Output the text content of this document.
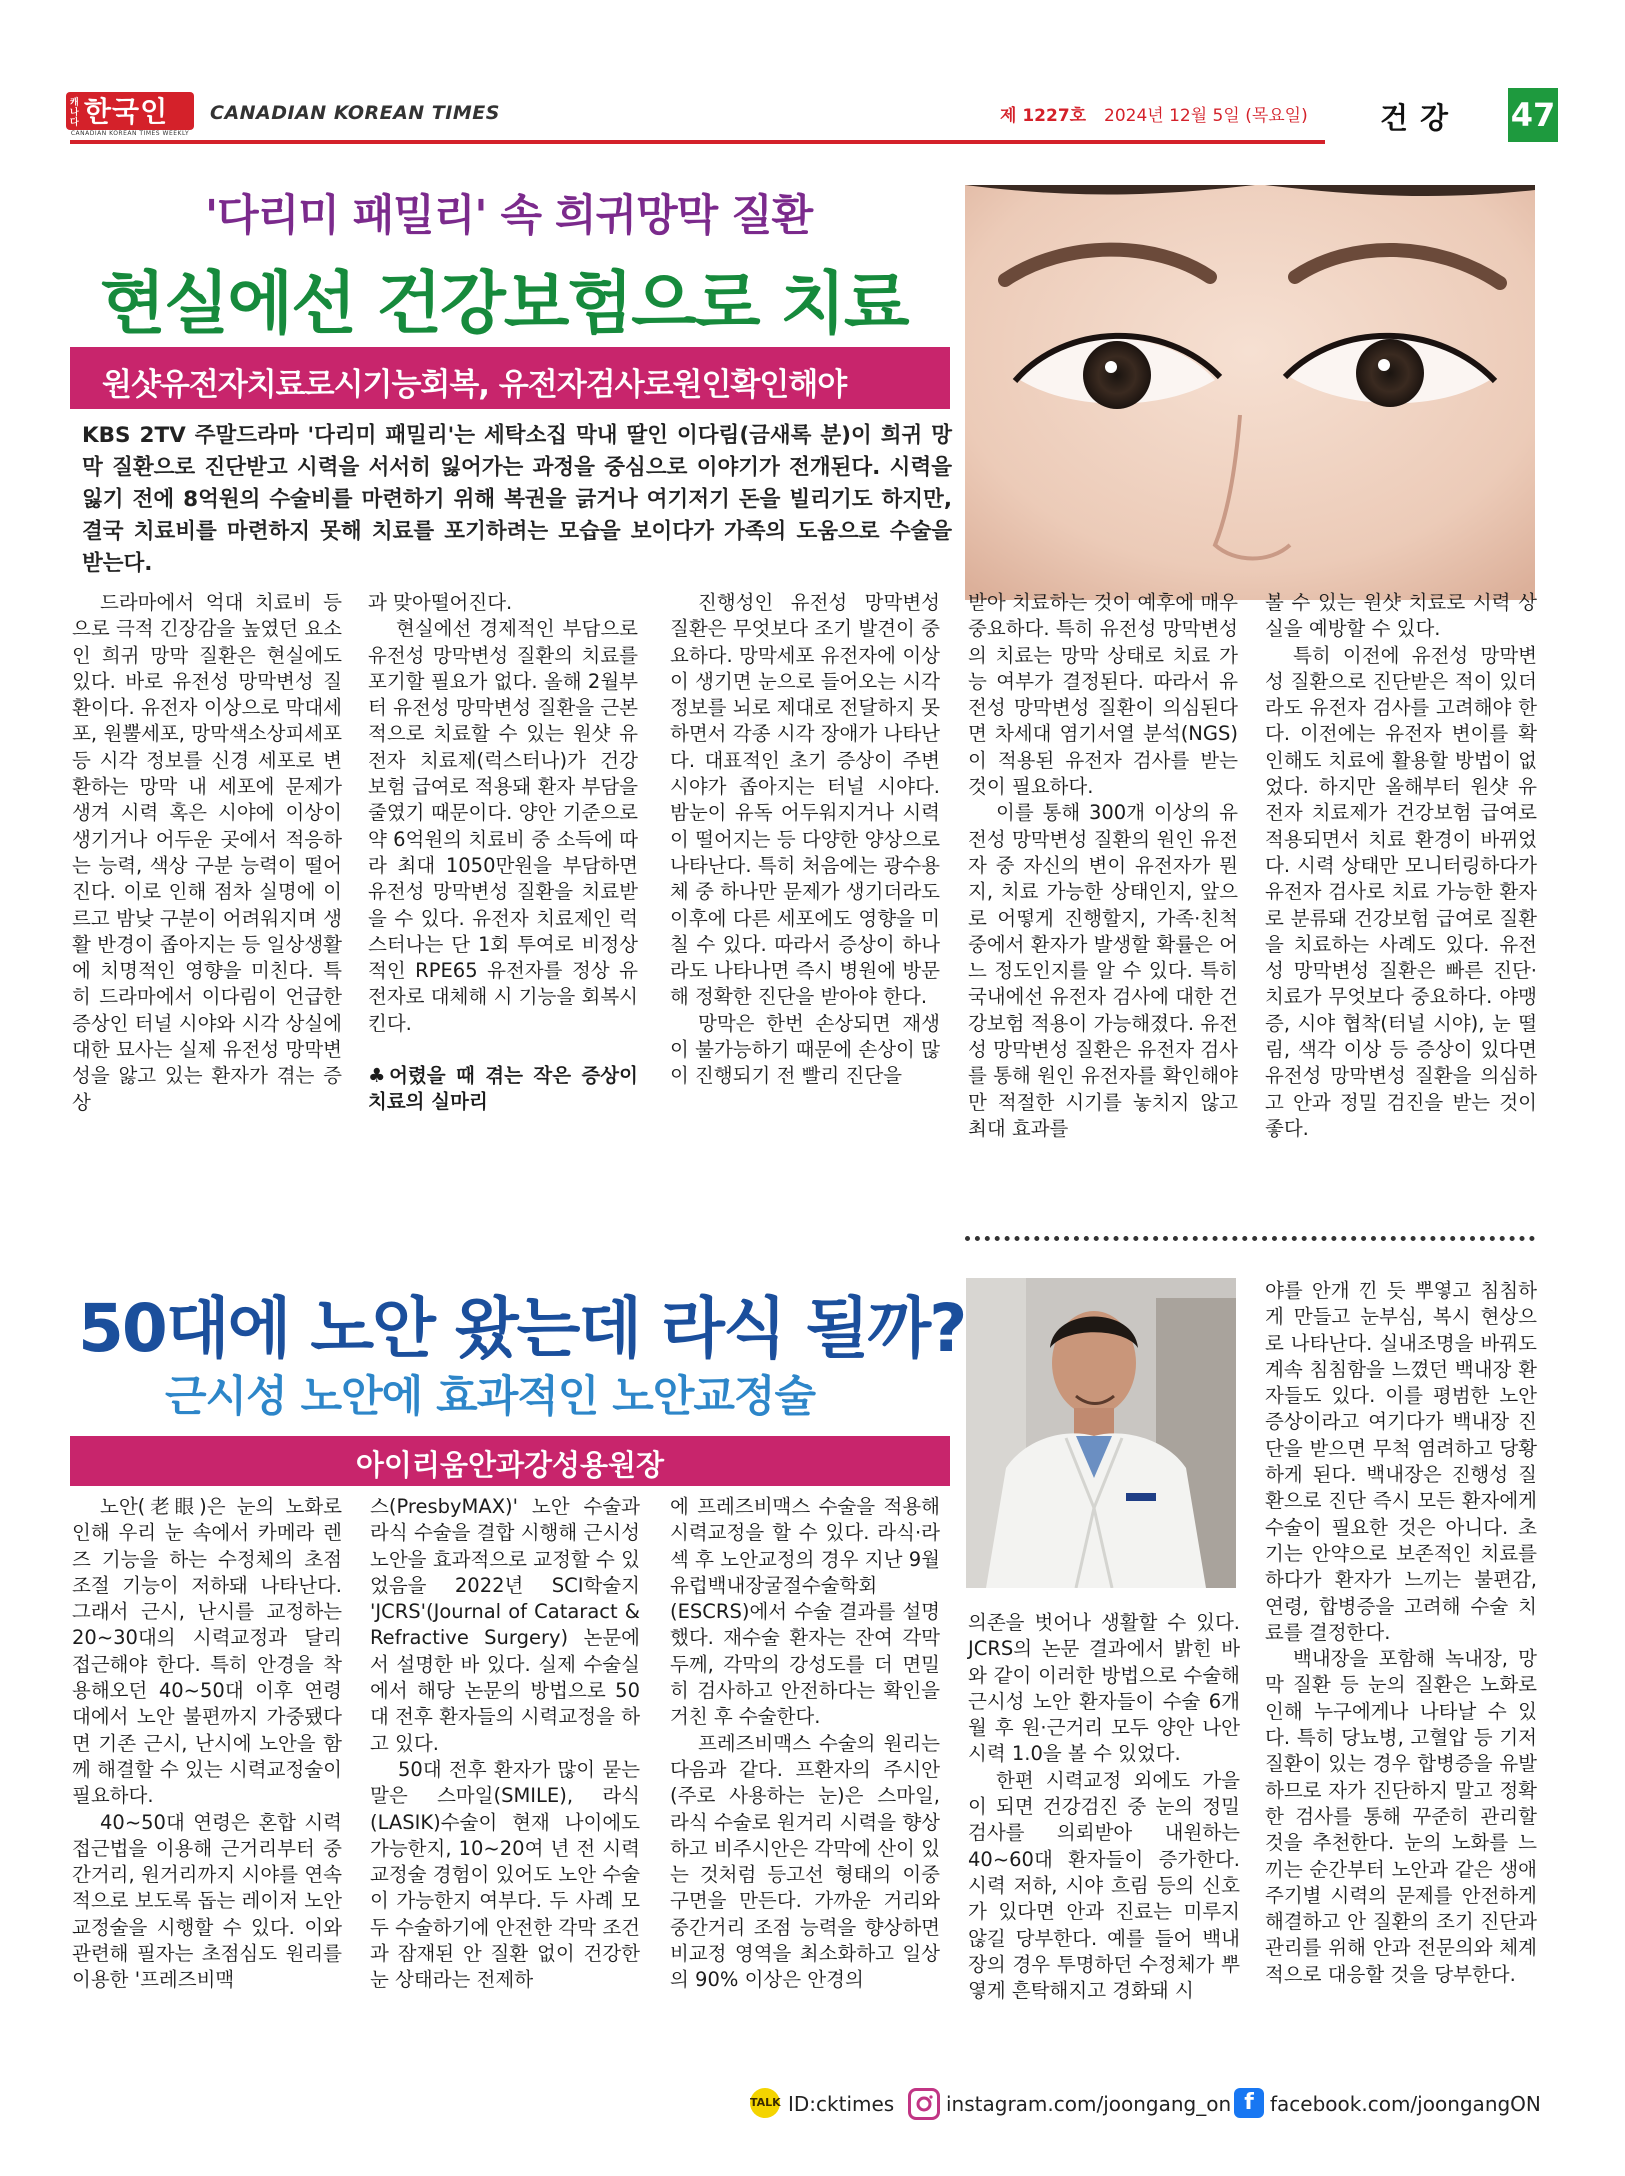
캐나다 한국인
CANADIAN KOREAN TIMES WEEKLY
CANADIAN KOREAN TIMES	제 1227호 2024년 12월 5일 (목요일) 건강 47
'다리미 패밀리' 속 희귀망막 질환
현실에선 건강보험으로 치료
원샷유전자치료로시기능회복, 유전자검사로원인확인해야
KBS 2TV 주말드라마 '다리미 패밀리'는 세탁소집 막내 딸인 이다림(금새록 분)이 희귀 망막 질환으로 진단받고 시력을 서서히 잃어가는 과정을 중심으로 이야기가 전개된다. 시력을 잃기 전에 8억원의 수술비를 마련하기 위해 복권을 긁거나 여기저기 돈을 빌리기도 하지만, 결국 치료비를 마련하지 못해 치료를 포기하려는 모습을 보이다가 가족의 도움으로 수술을 받는다.

드라마에서 억대 치료비 등으로 극적 긴장감을 높였던 요소인 희귀 망막 질환은 현실에도 있다. 바로 유전성 망막변성 질환이다. 유전자 이상으로 막대세포, 원뿔세포, 망막색소상피세포 등 시각 정보를 신경 세포로 변환하는 망막 내 세포에 문제가 생겨 시력 혹은 시야에 이상이 생기거나 어두운 곳에서 적응하는 능력, 색상 구분 능력이 떨어진다. 이로 인해 점차 실명에 이르고 밤낮 구분이 어려워지며 생활 반경이 좁아지는 등 일상생활에 치명적인 영향을 미친다. 특히 드라마에서 이다림이 언급한 증상인 터널 시야와 시각 상실에 대한 묘사는 실제 유전성 망막변성을 앓고 있는 환자가 겪는 증상

과 맞아떨어진다.

현실에선 경제적인 부담으로 유전성 망막변성 질환의 치료를 포기할 필요가 없다. 올해 2월부터 유전성 망막변성 질환을 근본적으로 치료할 수 있는 원샷 유전자 치료제(럭스터나)가 건강보험 급여로 적용돼 환자 부담을 줄였기 때문이다. 양안 기준으로 약 6억원의 치료비 중 소득에 따라 최대 1050만원을 부담하면 유전성 망막변성 질환을 치료받을 수 있다. 유전자 치료제인 럭스터나는 단 1회 투여로 비정상적인 RPE65 유전자를 정상 유전자로 대체해 시 기능을 회복시킨다.

♣어렸을 때 겪는 작은 증상이 치료의 실마리

진행성인 유전성 망막변성 질환은 무엇보다 조기 발견이 중요하다. 망막세포 유전자에 이상이 생기면 눈으로 들어오는 시각 정보를 뇌로 제대로 전달하지 못하면서 각종 시각 장애가 나타난다. 대표적인 초기 증상이 주변 시야가 좁아지는 터널 시야다. 밤눈이 유독 어두워지거나 시력이 떨어지는 등 다양한 양상으로 나타난다. 특히 처음에는 광수용체 중 하나만 문제가 생기더라도 이후에 다른 세포에도 영향을 미칠 수 있다. 따라서 증상이 하나라도 나타나면 즉시 병원에 방문해 정확한 진단을 받아야 한다.

망막은 한번 손상되면 재생이 불가능하기 때문에 손상이 많이 진행되기 전 빨리 진단을

받아 치료하는 것이 예후에 매우 중요하다. 특히 유전성 망막변성의 치료는 망막 상태로 치료 가능 여부가 결정된다. 따라서 유전성 망막변성 질환이 의심된다면 차세대 염기서열 분석(NGS)이 적용된 유전자 검사를 받는 것이 필요하다.

이를 통해 300개 이상의 유전성 망막변성 질환의 원인 유전자 중 자신의 변이 유전자가 뭔지, 치료 가능한 상태인지, 앞으로 어떻게 진행할지, 가족·친척 중에서 환자가 발생할 확률은 어느 정도인지를 알 수 있다. 특히 국내에선 유전자 검사에 대한 건강보험 적용이 가능해졌다. 유전성 망막변성 질환은 유전자 검사를 통해 원인 유전자를 확인해야만 적절한 시기를 놓치지 않고 최대 효과를

볼 수 있는 원샷 치료로 시력 상실을 예방할 수 있다.

특히 이전에 유전성 망막변성 질환으로 진단받은 적이 있더라도 유전자 검사를 고려해야 한다. 이전에는 유전자 변이를 확인해도 치료에 활용할 방법이 없었다. 하지만 올해부터 원샷 유전자 치료제가 건강보험 급여로 적용되면서 치료 환경이 바뀌었다. 시력 상태만 모니터링하다가 유전자 검사로 치료 가능한 환자로 분류돼 건강보험 급여로 질환을 치료하는 사례도 있다. 유전성 망막변성 질환은 빠른 진단·치료가 무엇보다 중요하다. 야맹증, 시야 협착(터널 시야), 눈 떨림, 색각 이상 등 증상이 있다면 유전성 망막변성 질환을 의심하고 안과 정밀 검진을 받는 것이 좋다.

50대에 노안 왔는데 라식 될까?
근시성 노안에 효과적인 노안교정술
아이리움안과강성용원장

노안(老眼)은 눈의 노화로 인해 우리 눈 속에서 카메라 렌즈 기능을 하는 수정체의 초점 조절 기능이 저하돼 나타난다. 그래서 근시, 난시를 교정하는 20~30대의 시력교정과 달리 접근해야 한다. 특히 안경을 착용해오던 40~50대 이후 연령대에서 노안 불편까지 가중됐다면 기존 근시, 난시에 노안을 함께 해결할 수 있는 시력교정술이 필요하다.

40~50대 연령은 혼합 시력 접근법을 이용해 근거리부터 중간거리, 원거리까지 시야를 연속적으로 보도록 돕는 레이저 노안교정술을 시행할 수 있다. 이와 관련해 필자는 초점심도 원리를 이용한 '프레즈비맥

스(PresbyMAX)' 노안 수술과 라식 수술을 결합 시행해 근시성 노안을 효과적으로 교정할 수 있었음을 2022년 SCI학술지 'JCRS'(Journal of Cataract & Refractive Surgery) 논문에서 설명한 바 있다. 실제 수술실에서 해당 논문의 방법으로 50대 전후 환자들의 시력교정을 하고 있다.

50대 전후 환자가 많이 묻는 말은 스마일(SMILE), 라식(LASIK)수술이 현재 나이에도 가능한지, 10~20여 년 전 시력 교정술 경험이 있어도 노안 수술이 가능한지 여부다. 두 사례 모두 수술하기에 안전한 각막 조건과 잠재된 안 질환 없이 건강한 눈 상태라는 전제하

에 프레즈비맥스 수술을 적용해 시력교정을 할 수 있다. 라식·라섹 후 노안교정의 경우 지난 9월 유럽백내장굴절수술학회(ESCRS)에서 수술 결과를 설명했다. 재수술 환자는 잔여 각막 두께, 각막의 강성도를 더 면밀히 검사하고 안전하다는 확인을 거친 후 수술한다.

프레즈비맥스 수술의 원리는 다음과 같다. 프환자의 주시안(주로 사용하는 눈)은 스마일, 라식 수술로 원거리 시력을 향상하고 비주시안은 각막에 산이 있는 것처럼 등고선 형태의 이중 구면을 만든다. 가까운 거리와 중간거리 조점 능력을 향상하면 비교정 영역을 최소화하고 일상의 90% 이상은 안경의

의존을 벗어나 생활할 수 있다. JCRS의 논문 결과에서 밝힌 바와 같이 이러한 방법으로 수술해 근시성 노안 환자들이 수술 6개월 후 원·근거리 모두 양안 나안시력 1.0을 볼 수 있었다.

한편 시력교정 외에도 가을이 되면 건강검진 중 눈의 정밀검사를 의뢰받아 내원하는 40~60대 환자들이 증가한다. 시력 저하, 시야 흐림 등의 신호가 있다면 안과 진료는 미루지 않길 당부한다. 예를 들어 백내장의 경우 투명하던 수정체가 뿌옇게 흔탁해지고 경화돼 시

야를 안개 낀 듯 뿌옇고 침침하게 만들고 눈부심, 복시 현상으로 나타난다. 실내조명을 바꿔도 계속 침침함을 느꼈던 백내장 환자들도 있다. 이를 평범한 노안 증상이라고 여기다가 백내장 진단을 받으면 무척 염려하고 당황하게 된다. 백내장은 진행성 질환으로 진단 즉시 모든 환자에게 수술이 필요한 것은 아니다. 초기는 안약으로 보존적인 치료를 하다가 환자가 느끼는 불편감, 연령, 합병증을 고려해 수술 치료를 결정한다.

백내장을 포함해 녹내장, 망막 질환 등 눈의 질환은 노화로 인해 누구에게나 나타날 수 있다. 특히 당뇨병, 고혈압 등 기저 질환이 있는 경우 합병증을 유발하므로 자가 진단하지 말고 정확한 검사를 통해 꾸준히 관리할 것을 추천한다. 눈의 노화를 느끼는 순간부터 노안과 같은 생애 주기별 시력의 문제를 안전하게 해결하고 안 질환의 조기 진단과 관리를 위해 안과 전문의와 체계적으로 대응할 것을 당부한다.

TALK ID:cktimes	instagram.com/joongang_on f facebook.com/joongangON
